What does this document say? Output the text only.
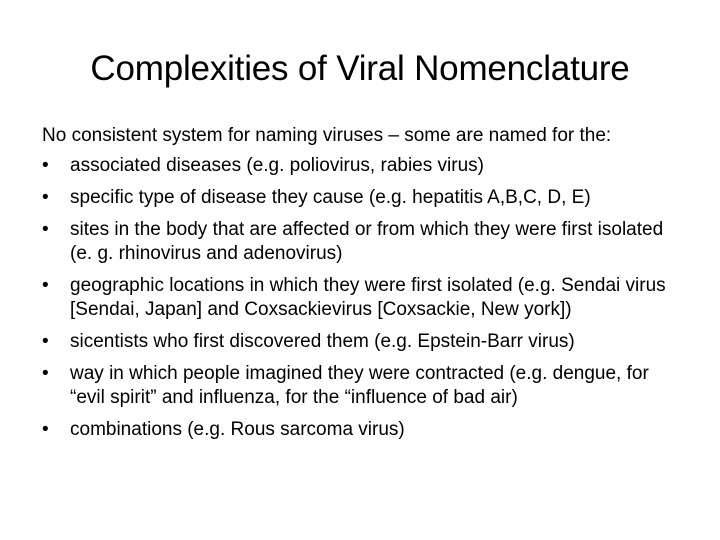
Complexities of Viral Nomenclature

No consistent system for naming viruses – some are named for the:

•	associated diseases (e.g. poliovirus, rabies virus)
•	specific type of disease they cause (e.g. hepatitis A,B,C, D, E)
•	sites in the body that are affected or from which they were first isolated (e. g. rhinovirus and adenovirus)
•	geographic locations in which they were first isolated (e.g. Sendai virus [Sendai, Japan] and Coxsackievirus [Coxsackie, New york])
•	sicentists who first discovered them (e.g. Epstein-Barr virus)
•	way in which people imagined they were contracted (e.g. dengue, for “evil spirit” and influenza, for the “influence of bad air)
•	combinations (e.g. Rous sarcoma virus)
